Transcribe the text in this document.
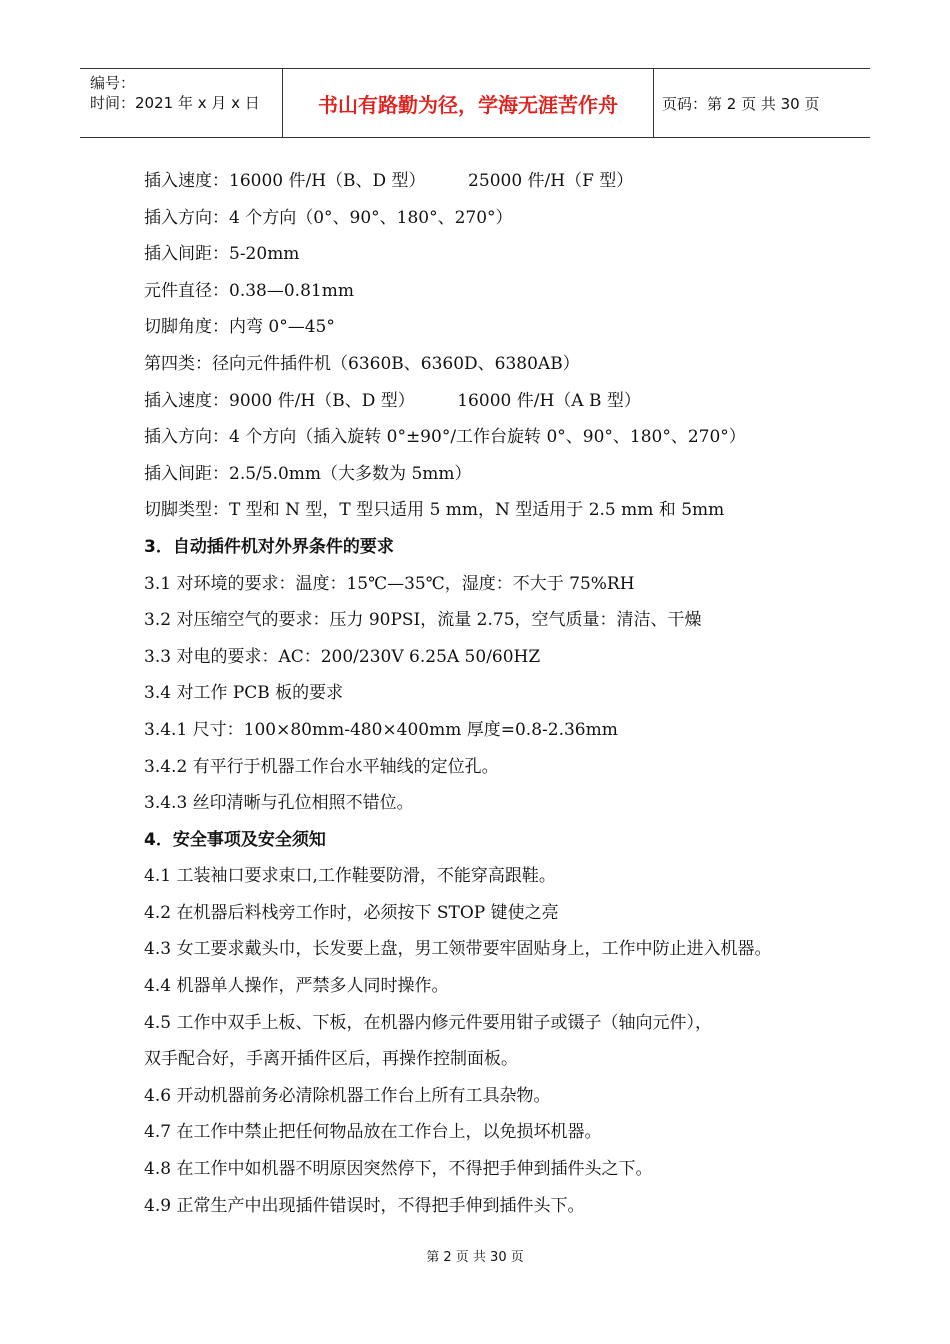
编号：
时间：2021 年 x 月 x 日	书山有路勤为径，学海无涯苦作舟	页码：第 2 页 共 30 页
插入速度：16000 件/H（B、D 型）　　　25000 件/H（F 型）
插入方向：4 个方向（0°、90°、180°、270°）
插入间距：5-20mm
元件直径：0.38—0.81mm
切脚角度：内弯 0°—45°
第四类：径向元件插件机（6360B、6360D、6380AB）
插入速度：9000 件/H（B、D 型）　　　16000 件/H（A B 型）
插入方向：4 个方向（插入旋转 0°±90°/工作台旋转 0°、90°、180°、270°）
插入间距：2.5/5.0mm（大多数为 5mm）
切脚类型：T 型和 N 型，T 型只适用 5 mm，N 型适用于 2.5 mm 和 5mm
3．自动插件机对外界条件的要求
3.1 对环境的要求：温度：15℃—35℃，湿度：不大于 75%RH
3.2 对压缩空气的要求：压力 90PSI，流量 2.75，空气质量：清洁、干燥
3.3 对电的要求：AC：200/230V 6.25A 50/60HZ
3.4 对工作 PCB 板的要求
3.4.1 尺寸：100×80mm-480×400mm 厚度=0.8-2.36mm
3.4.2 有平行于机器工作台水平轴线的定位孔。
3.4.3 丝印清晰与孔位相照不错位。
4．安全事项及安全须知
4.1 工装袖口要求束口,工作鞋要防滑，不能穿高跟鞋。
4.2 在机器后料栈旁工作时，必须按下 STOP 键使之亮
4.3 女工要求戴头巾，长发要上盘，男工领带要牢固贴身上，工作中防止进入机器。
4.4 机器单人操作，严禁多人同时操作。
4.5 工作中双手上板、下板，在机器内修元件要用钳子或镊子（轴向元件），
双手配合好，手离开插件区后，再操作控制面板。
4.6 开动机器前务必清除机器工作台上所有工具杂物。
4.7 在工作中禁止把任何物品放在工作台上，以免损坏机器。
4.8 在工作中如机器不明原因突然停下，不得把手伸到插件头之下。
4.9 正常生产中出现插件错误时，不得把手伸到插件头下。
第 2 页 共 30 页
